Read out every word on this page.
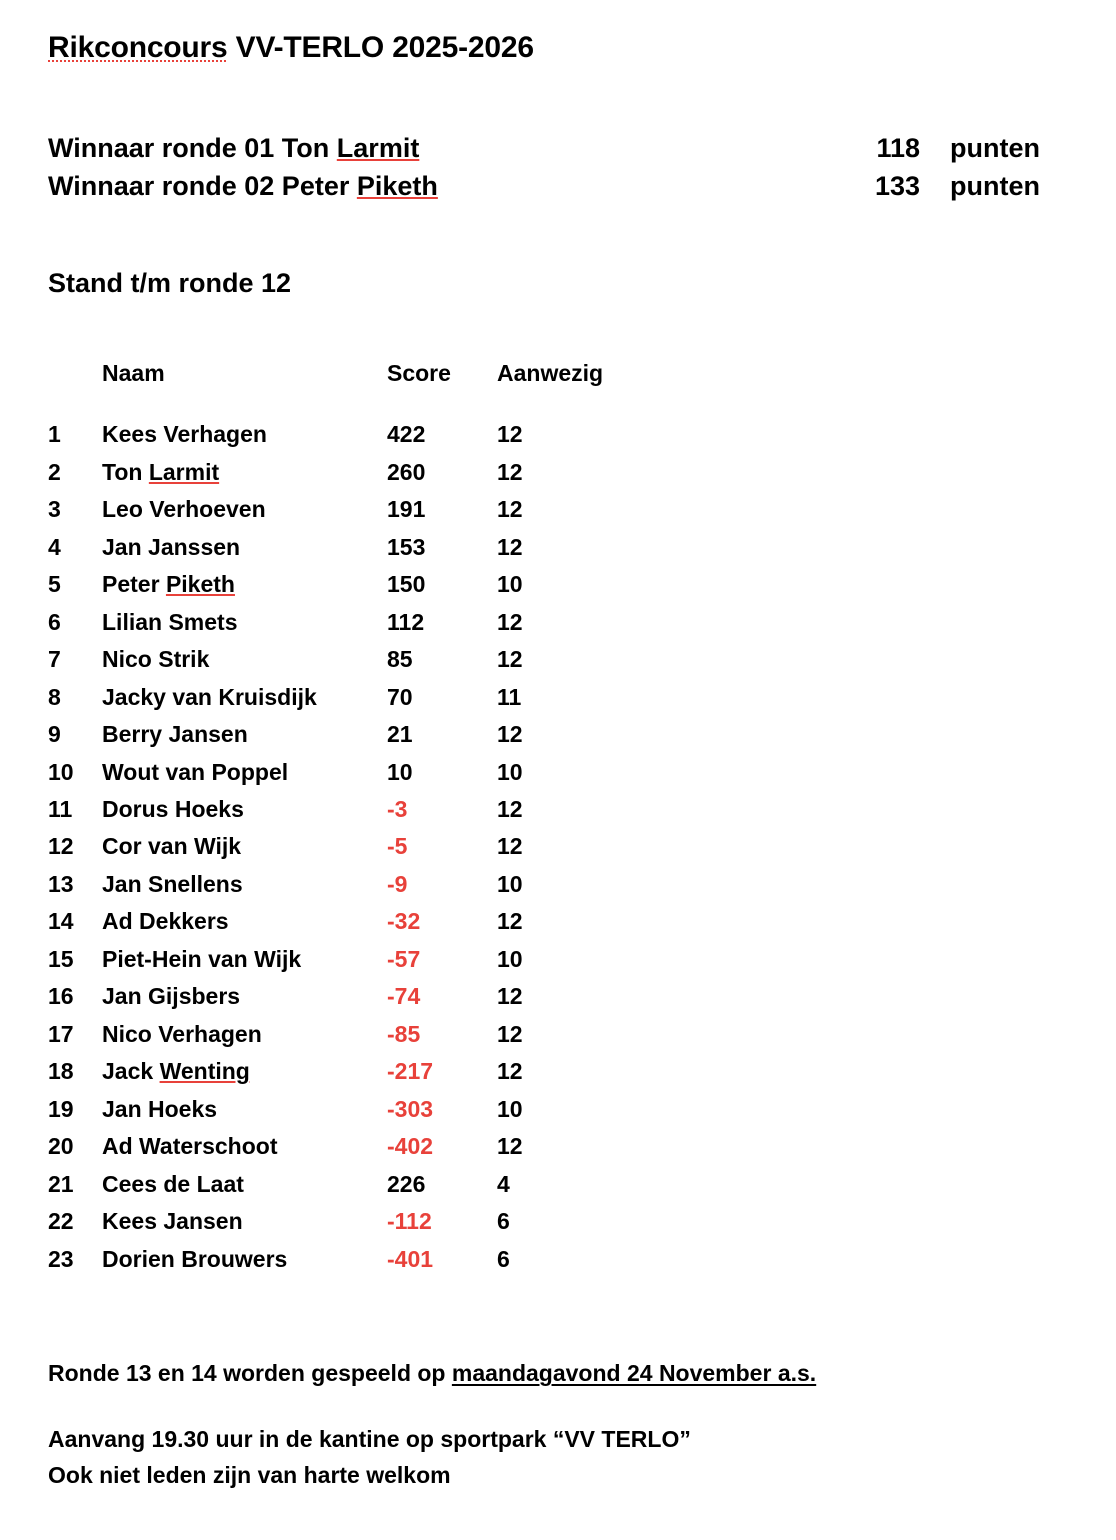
Rikconcours VV-TERLO 2025-2026
Winnaar ronde 01 Ton Larmit	118 punten
Winnaar ronde 02 Peter Piketh	133 punten
Stand t/m ronde 12
Naam	Score	Aanwezig
1	Kees Verhagen	422	12
2	Ton Larmit	260	12
3	Leo Verhoeven	191	12
4	Jan Janssen	153	12
5	Peter Piketh	150	10
6	Lilian Smets	112	12
7	Nico Strik	85	12
8	Jacky van Kruisdijk	70	11
9	Berry Jansen	21	12
10	Wout van Poppel	10	10
11	Dorus Hoeks	-3	12
12	Cor van Wijk	-5	12
13	Jan Snellens	-9	10
14	Ad Dekkers	-32	12
15	Piet-Hein van Wijk	-57	10
16	Jan Gijsbers	-74	12
17	Nico Verhagen	-85	12
18	Jack Wenting	-217	12
19	Jan Hoeks	-303	10
20	Ad Waterschoot	-402	12
21	Cees de Laat	226	4
22	Kees Jansen	-112	6
23	Dorien Brouwers	-401	6
Ronde 13 en 14 worden gespeeld op maandagavond 24 November a.s.
Aanvang 19.30 uur in de kantine op sportpark “VV TERLO”
Ook niet leden zijn van harte welkom
